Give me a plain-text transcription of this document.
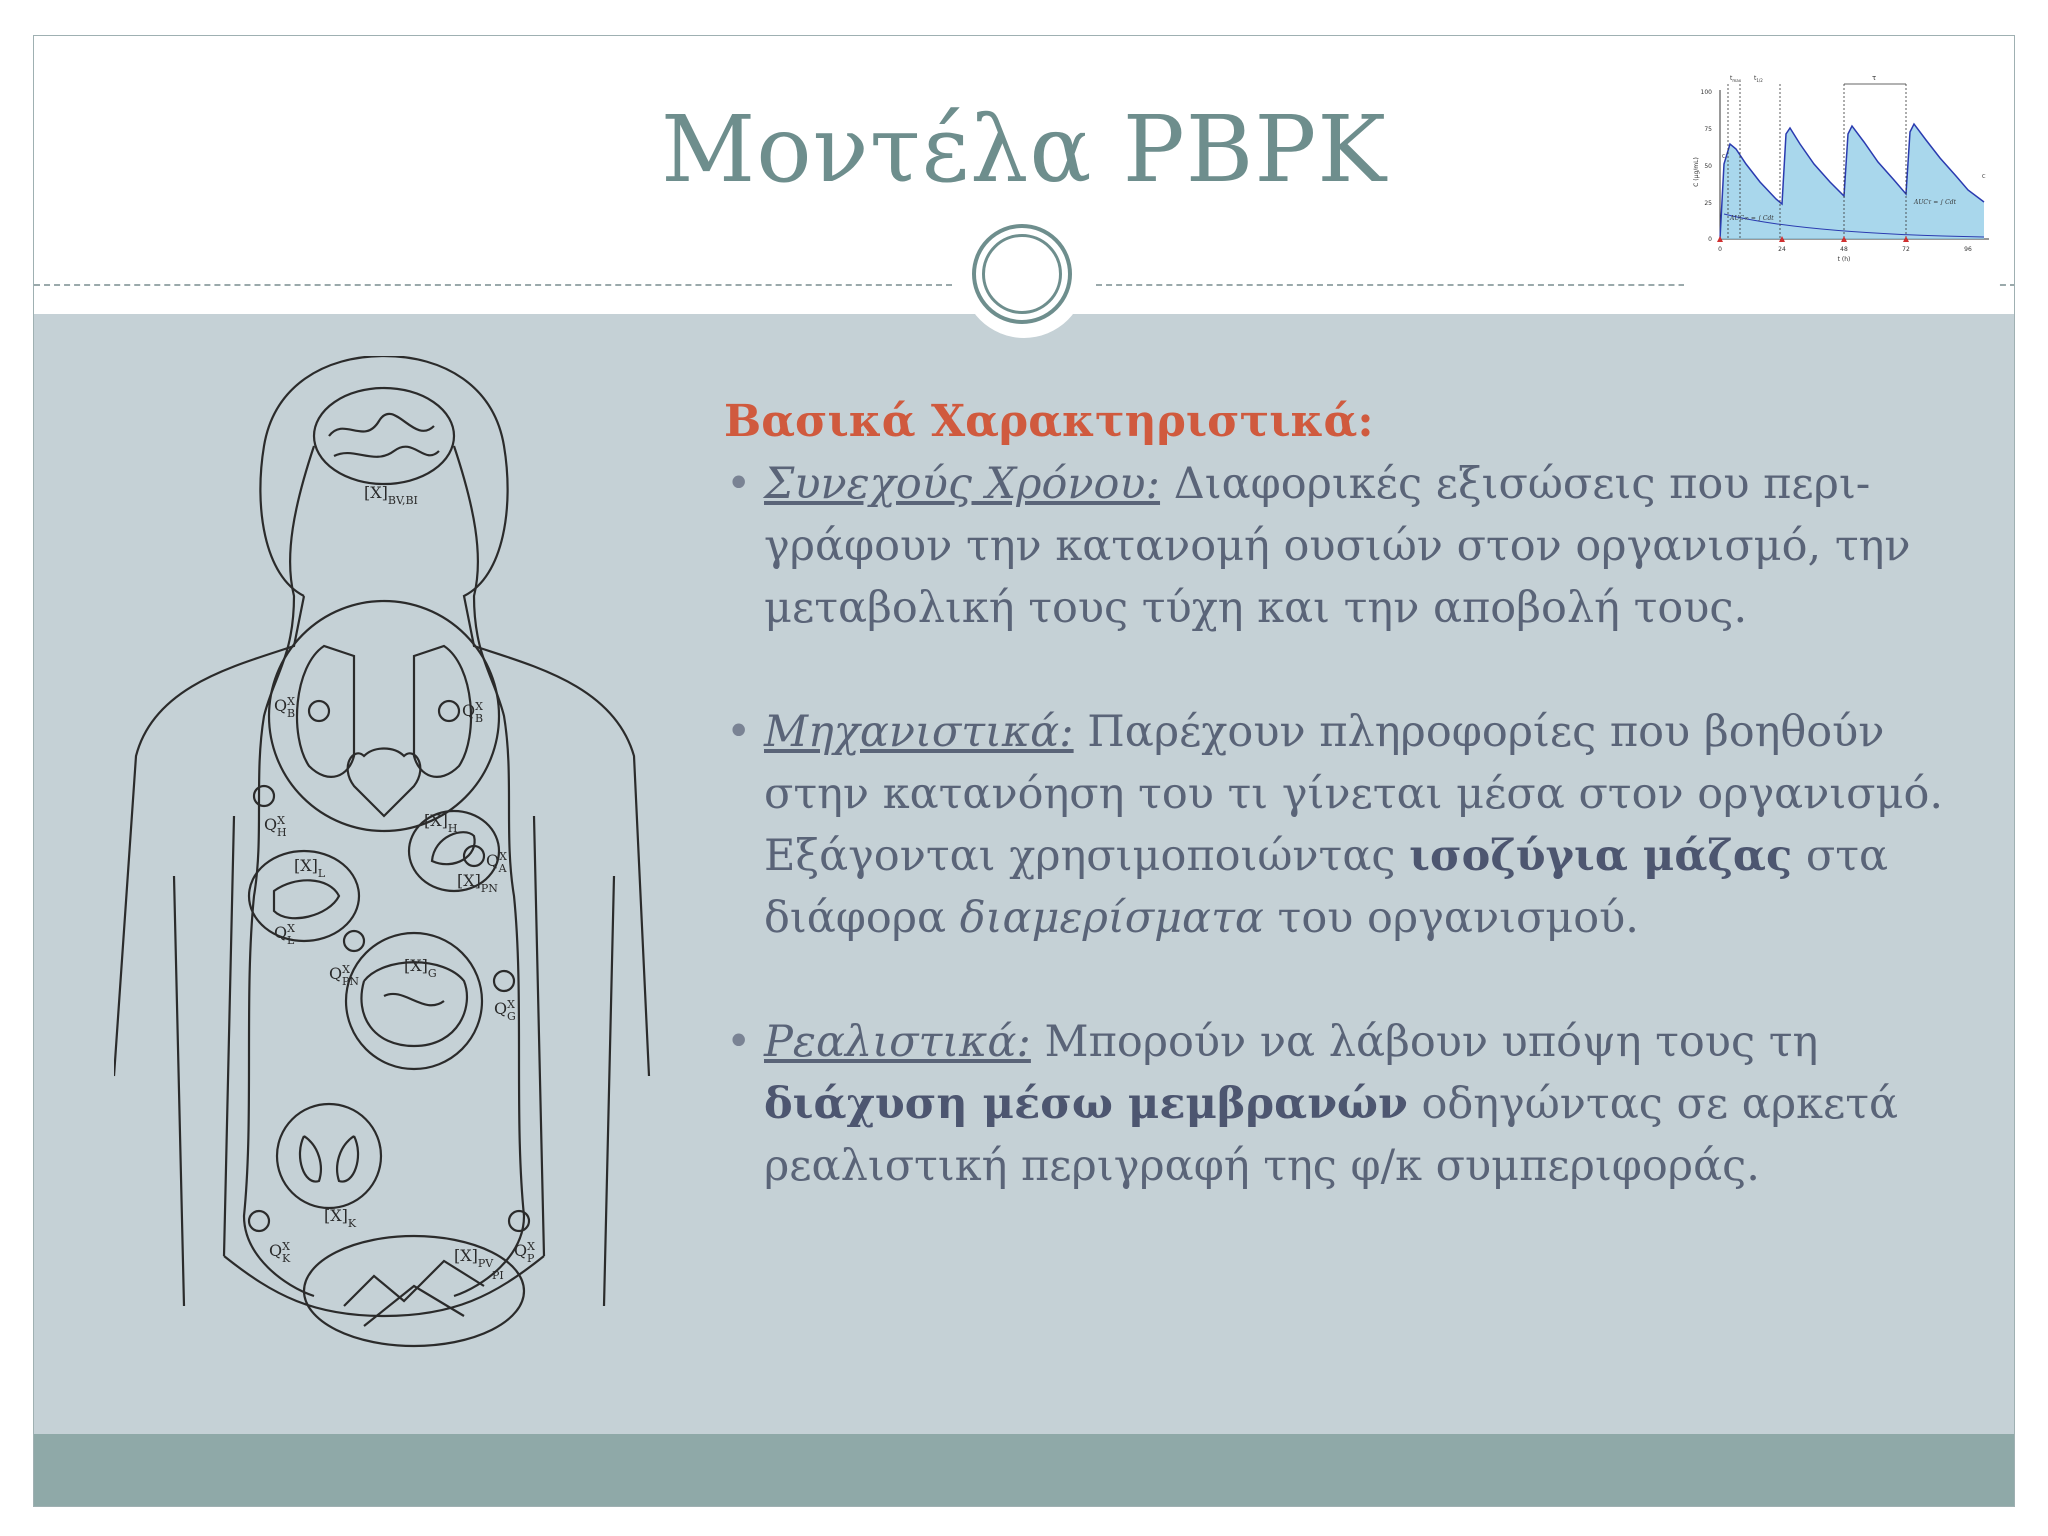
Μοντέλα PBPK
100
75
50
25
0
0	24	48	72	96
t (h)
C (μg/mL)
$t_{max}$ $t_{1/2}$	τ
C
C
AUC∞ = ∫ Cdt
AUCτ = ∫ Cdt
$[X]_{BV,BI}$
$[X]_H$
$[X]_L$	$[X]_{PN}$
$[X]_G$
$[X]_K$
$[X]_{PV}$ PI
$Q^X$ B	$Q^X$ B
$Q^X$ H
$Q^X$ A
$Q^X$ L
$Q^X$ PN
$Q^X$ G
$Q^X$ K	$Q^X$ P
Βασικά Χαρακτηριστικά:
• Συνεχούς Χρόνου: Διαφορικές εξισώσεις που περι-
γράφουν την κατανομή ουσιών στον οργανισμό, την
μεταβολική τους τύχη και την αποβολή τους.
• Μηχανιστικά: Παρέχουν πληροφορίες που βοηθούν
στην κατανόηση του τι γίνεται μέσα στον οργανισμό.
Εξάγονται χρησιμοποιώντας ισοζύγια μάζας στα
διάφορα διαμερίσματα του οργανισμού.
• Ρεαλιστικά: Μπορούν να λάβουν υπόψη τους τη
διάχυση μέσω μεμβρανών οδηγώντας σε αρκετά
ρεαλιστική περιγραφή της φ/κ συμπεριφοράς.
